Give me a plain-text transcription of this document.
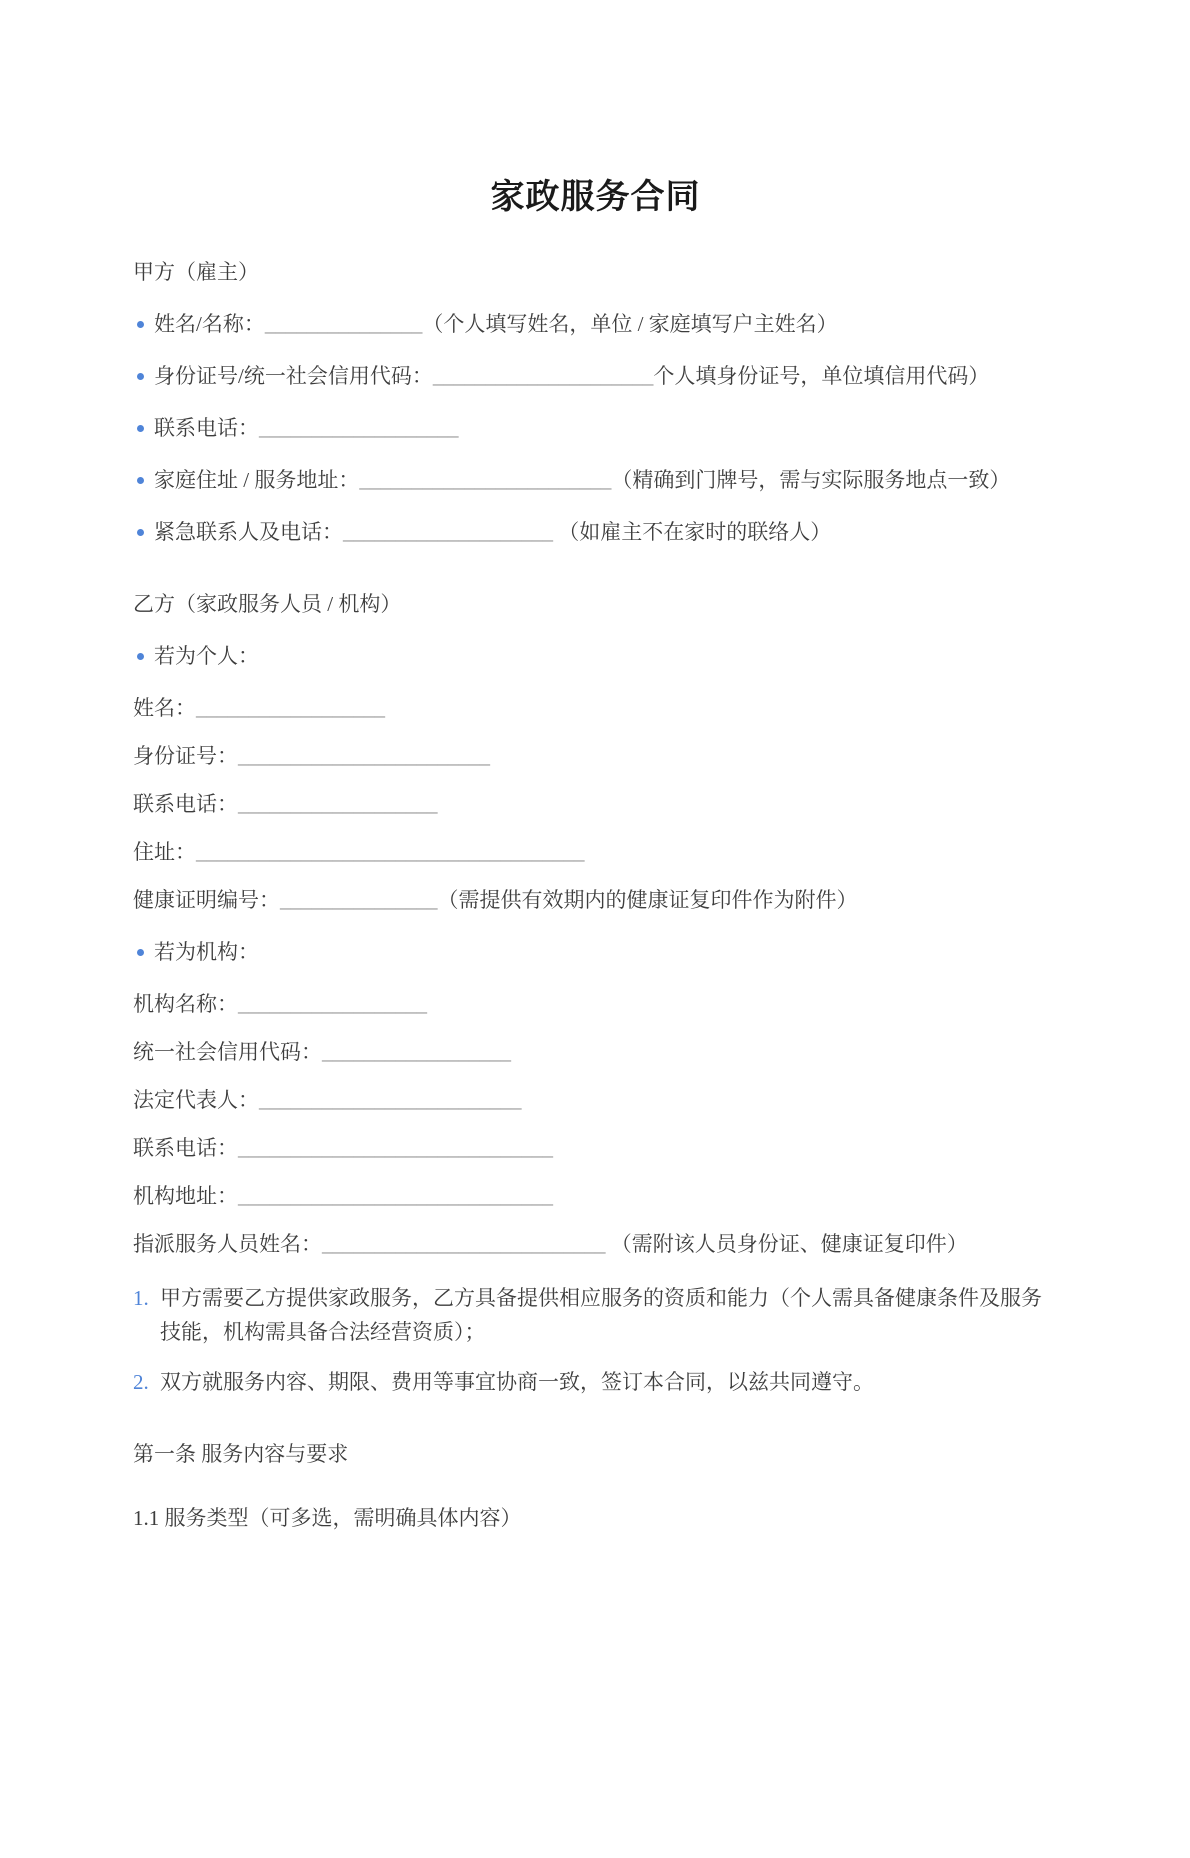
家政服务合同
甲方（雇主）
姓名/名称：_______________（个人填写姓名，单位 / 家庭填写户主姓名）
身份证号/统一社会信用代码：_____________________个人填身份证号，单位填信用代码）
联系电话：___________________
家庭住址 / 服务地址：________________________（精确到门牌号，需与实际服务地点一致）
紧急联系人及电话：____________________ （如雇主不在家时的联络人）
乙方（家政服务人员 / 机构）
若为个人：
姓名：__________________
身份证号：________________________
联系电话：___________________
住址：_____________________________________
健康证明编号：_______________（需提供有效期内的健康证复印件作为附件）
若为机构：
机构名称：__________________
统一社会信用代码：__________________
法定代表人：_________________________
联系电话：______________________________
机构地址：______________________________
指派服务人员姓名：___________________________ （需附该人员身份证、健康证复印件）
1. 甲方需要乙方提供家政服务，乙方具备提供相应服务的资质和能力（个人需具备健康条件及服务技能，机构需具备合法经营资质）；
2. 双方就服务内容、期限、费用等事宜协商一致，签订本合同，以兹共同遵守。
第一条 服务内容与要求
1.1 服务类型（可多选，需明确具体内容）
